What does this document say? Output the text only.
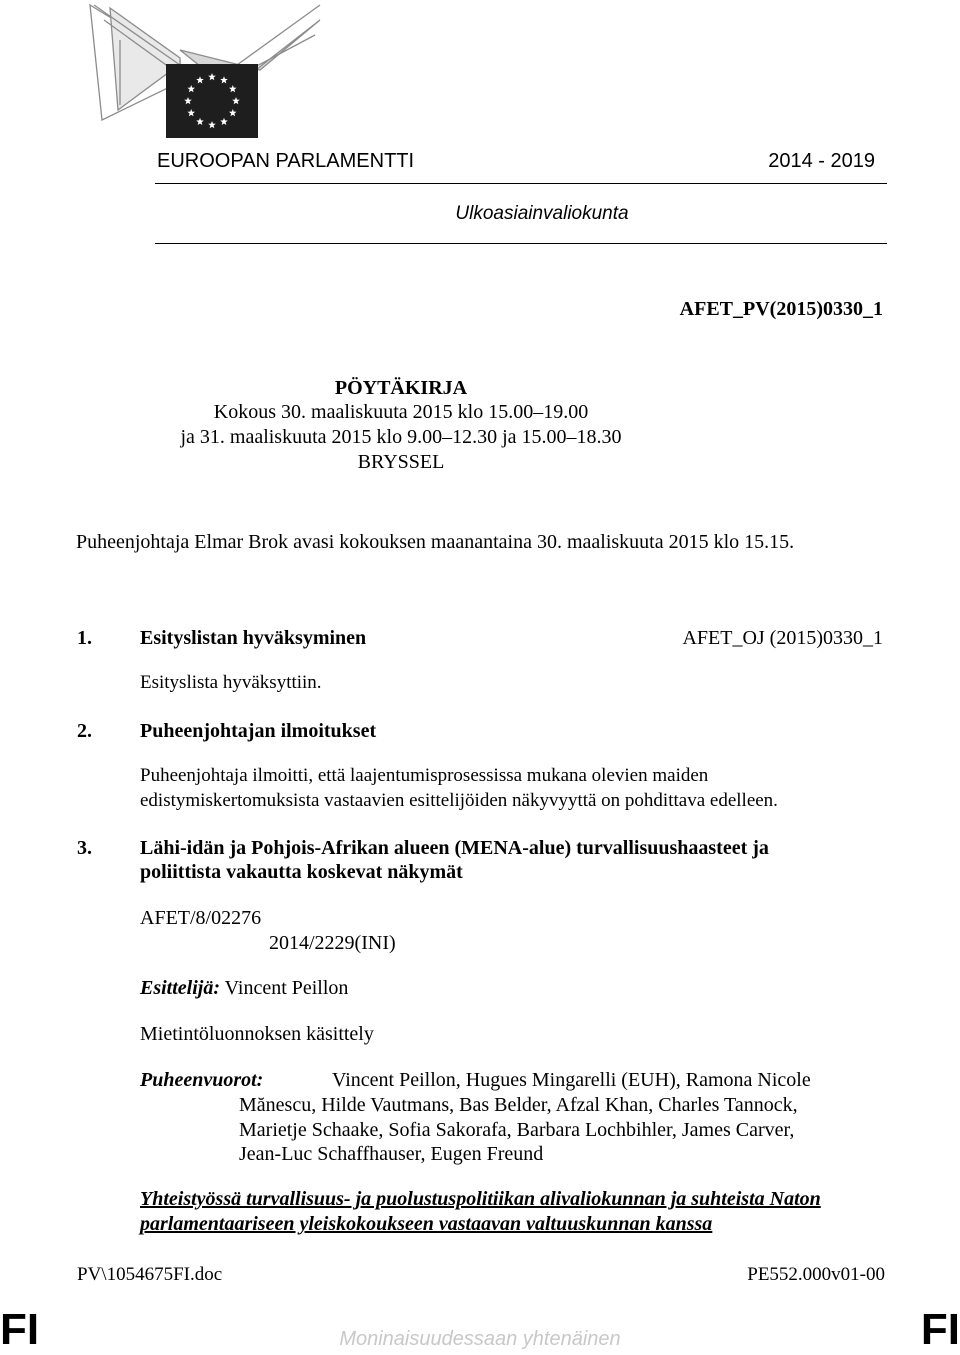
EUROOPAN PARLAMENTTI	2014 - 2019
Ulkoasiainvaliokunta
AFET_PV(2015)0330_1
PÖYTÄKIRJA
Kokous 30. maaliskuuta 2015 klo 15.00–19.00
ja 31. maaliskuuta 2015 klo 9.00–12.30 ja 15.00–18.30
BRYSSEL
Puheenjohtaja Elmar Brok avasi kokouksen maanantaina 30. maaliskuuta 2015 klo 15.15.
1. Esityslistan hyväksyminen	AFET_OJ (2015)0330_1
Esityslista hyväksyttiin.
2. Puheenjohtajan ilmoitukset
Puheenjohtaja ilmoitti, että laajentumisprosessissa mukana olevien maiden
edistymiskertomuksista vastaavien esittelijöiden näkyvyyttä on pohdittava edelleen.
3. Lähi-idän ja Pohjois-Afrikan alueen (MENA-alue) turvallisuushaasteet ja
poliittista vakautta koskevat näkymät
AFET/8/02276
2014/2229(INI)
Esittelijä: Vincent Peillon
Mietintöluonnoksen käsittely
Puheenvuorot:	Vincent Peillon, Hugues Mingarelli (EUH), Ramona Nicole
Mănescu, Hilde Vautmans, Bas Belder, Afzal Khan, Charles Tannock,
Marietje Schaake, Sofia Sakorafa, Barbara Lochbihler, James Carver,
Jean-Luc Schaffhauser, Eugen Freund
Yhteistyössä turvallisuus- ja puolustuspolitiikan alivaliokunnan ja suhteista Naton
parlamentaariseen yleiskokoukseen vastaavan valtuuskunnan kanssa
PV\1054675FI.doc	PE552.000v01-00
FI	FI
Moninaisuudessaan yhtenäinen
